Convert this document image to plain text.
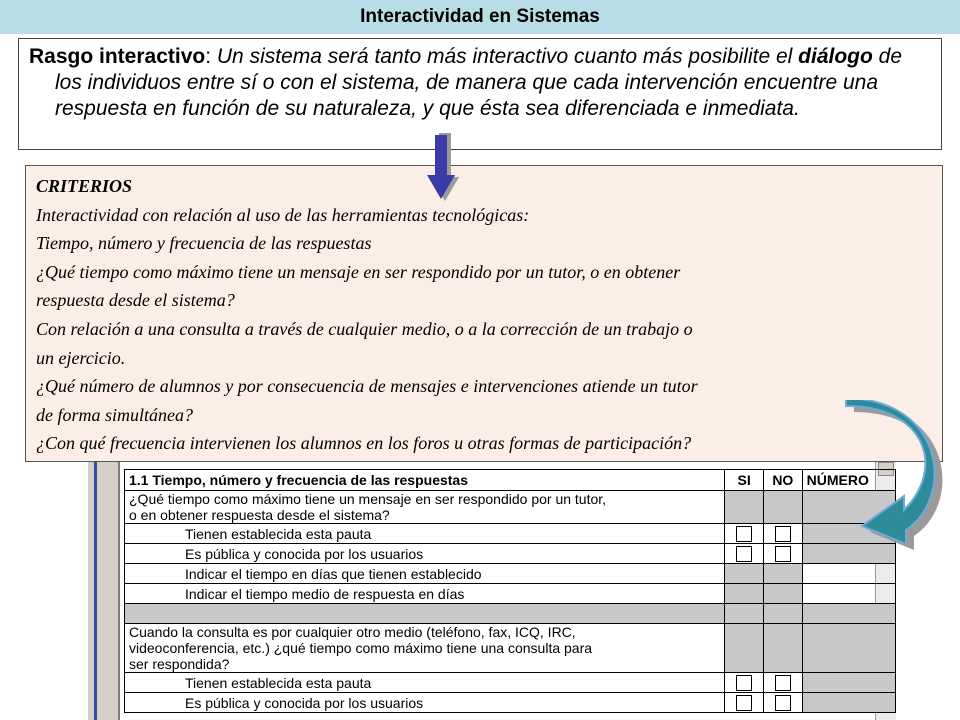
Interactividad en Sistemas

Rasgo interactivo: Un sistema será tanto más interactivo cuanto más posibilite el diálogo de los individuos entre sí o con el sistema, de manera que cada intervención encuentre una respuesta en función de su naturaleza, y que ésta sea diferenciada e inmediata.

CRITERIOS
Interactividad con relación al uso de las herramientas tecnológicas:
Tiempo, número y frecuencia de las respuestas
¿Qué tiempo como máximo tiene un mensaje en ser respondido por un tutor, o en obtener
respuesta desde el sistema?
Con relación a una consulta a través de cualquier medio, o a la corrección de un trabajo o
un ejercicio.
¿Qué número de alumnos y por consecuencia de mensajes e intervenciones atiende un tutor
de forma simultánea?
¿Con qué frecuencia intervienen los alumnos en los foros u otras formas de participación?
1.1 Tiempo, número y frecuencia de las respuestas	SI	NO	NÚMERO

¿Qué tiempo como máximo tiene un mensaje en ser respondido por un tutor,
o en obtener respuesta desde el sistema?			

Tienen establecida esta pauta			
Es pública y conocida por los usuarios			
Indicar el tiempo en días que tienen establecido			
Indicar el tiempo medio de respuesta en días			

Cuando la consulta es por cualquier otro medio (teléfono, fax, ICQ, IRC,
videoconferencia, etc.) ¿qué tiempo como máximo tiene una consulta para
ser respondida?			

Tienen establecida esta pauta			
Es pública y conocida por los usuarios			
